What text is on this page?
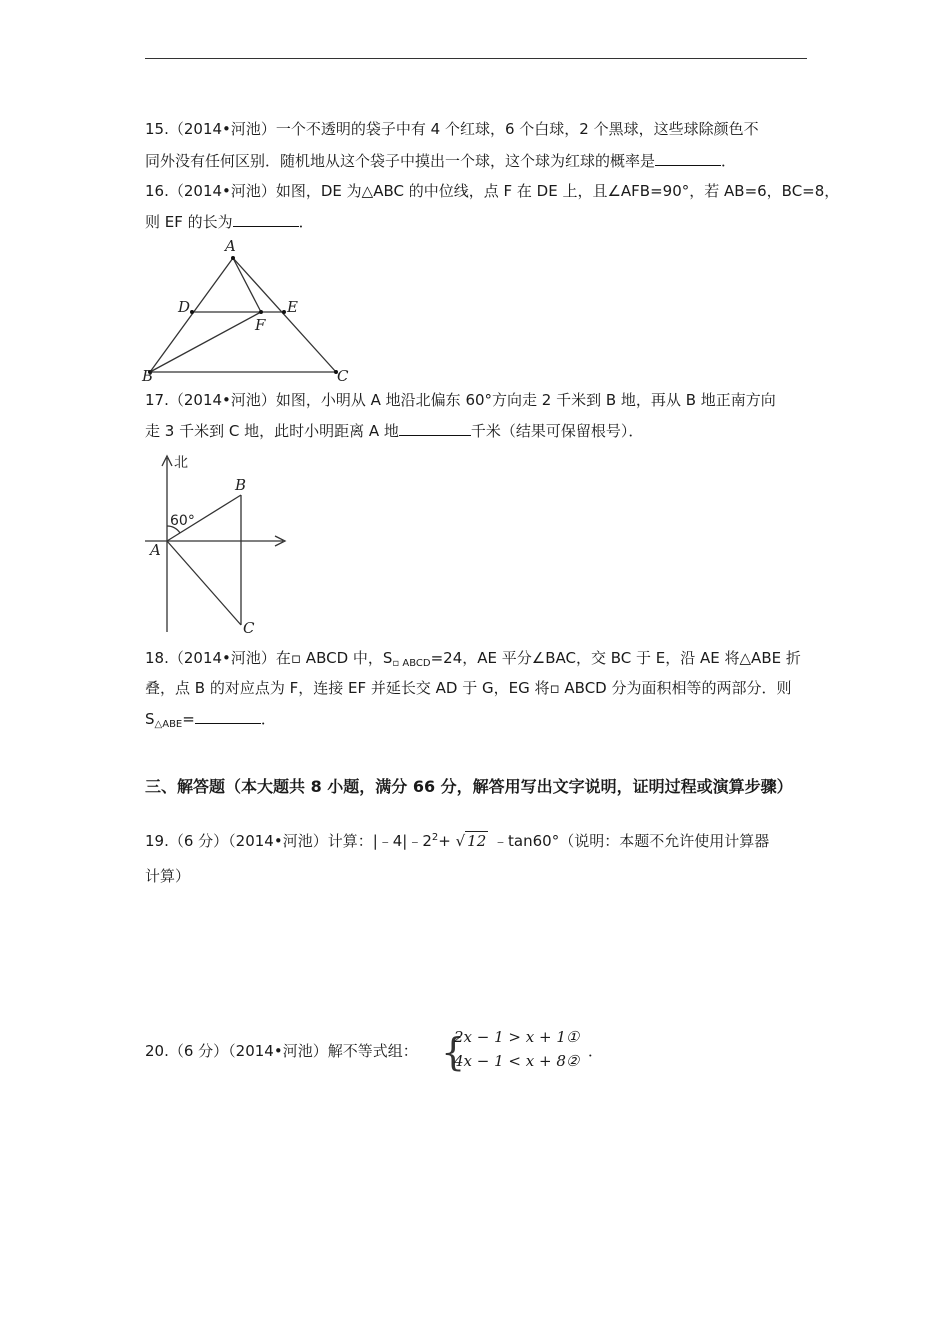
15.（2014•河池）一个不透明的袋子中有 4 个红球，6 个白球，2 个黑球，这些球除颜色不
同外没有任何区别．随机地从这个袋子中摸出一个球，这个球为红球的概率是	．
16.（2014•河池）如图，DE 为△ABC 的中位线，点 F 在 DE 上，且∠AFB=90°，若 AB=6，BC=8，
则 EF 的长为	．
A
B	C
D	E
F
17.（2014•河池）如图，小明从 A 地沿北偏东 60°方向走 2 千米到 B 地，再从 B 地正南方向
走 3 千米到 C 地，此时小明距离 A 地	千米（结果可保留根号）．
北
60°
A
B
C
18.（2014•河池）在▫ ABCD 中，$S_{▫ ABCD}=24$，AE 平分∠BAC，交 BC 于 E，沿 AE 将△ABE 折
叠，点 B 的对应点为 F，连接 EF 并延长交 AD 于 G，EG 将▫ ABCD 分为面积相等的两部分．则
$S_{\triangle ABE}=$	．
三、解答题（本大题共 8 小题，满分 66 分，解答用写出文字说明，证明过程或演算步骤）
19.（6 分）（2014•河池）计算：$|﹣4|﹣2^2+$ √ 12 ﹣tan60°（说明：本题不允许使用计算器
计算）
20.（6 分）（2014•河池）解不等式组： {
2x − 1 > x + 1①
4x − 1 < x + 8②
．
